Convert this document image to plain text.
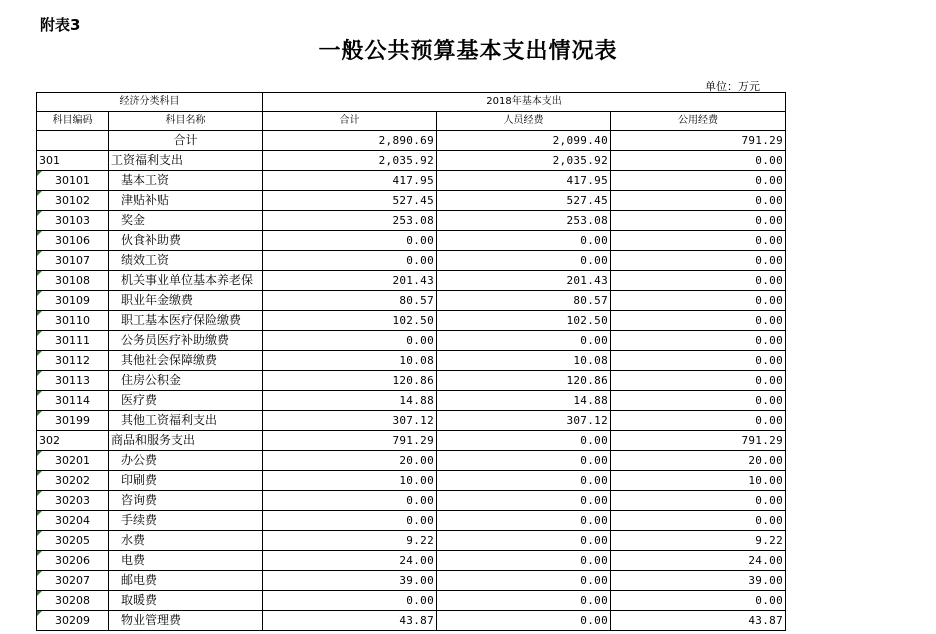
附表3
一般公共预算基本支出情况表
单位：万元
经济分类科目		2018年基本支出		
科目编码	科目名称	合计	人员经费	公用经费
	合计	2,890.69	2,099.40	791.29
301	工资福利支出	2,035.92	2,035.92	0.00
30101	基本工资	417.95	417.95	0.00
30102	津贴补贴	527.45	527.45	0.00
30103	奖金	253.08	253.08	0.00
30106	伙食补助费	0.00	0.00	0.00
30107	绩效工资	0.00	0.00	0.00
30108	机关事业单位基本养老保	201.43	201.43	0.00
30109	职业年金缴费	80.57	80.57	0.00
30110	职工基本医疗保险缴费	102.50	102.50	0.00
30111	公务员医疗补助缴费	0.00	0.00	0.00
30112	其他社会保障缴费	10.08	10.08	0.00
30113	住房公积金	120.86	120.86	0.00
30114	医疗费	14.88	14.88	0.00
30199	其他工资福利支出	307.12	307.12	0.00
302	商品和服务支出	791.29	0.00	791.29
30201	办公费	20.00	0.00	20.00
30202	印刷费	10.00	0.00	10.00
30203	咨询费	0.00	0.00	0.00
30204	手续费	0.00	0.00	0.00
30205	水费	9.22	0.00	9.22
30206	电费	24.00	0.00	24.00
30207	邮电费	39.00	0.00	39.00
30208	取暖费	0.00	0.00	0.00
30209	物业管理费	43.87	0.00	43.87
